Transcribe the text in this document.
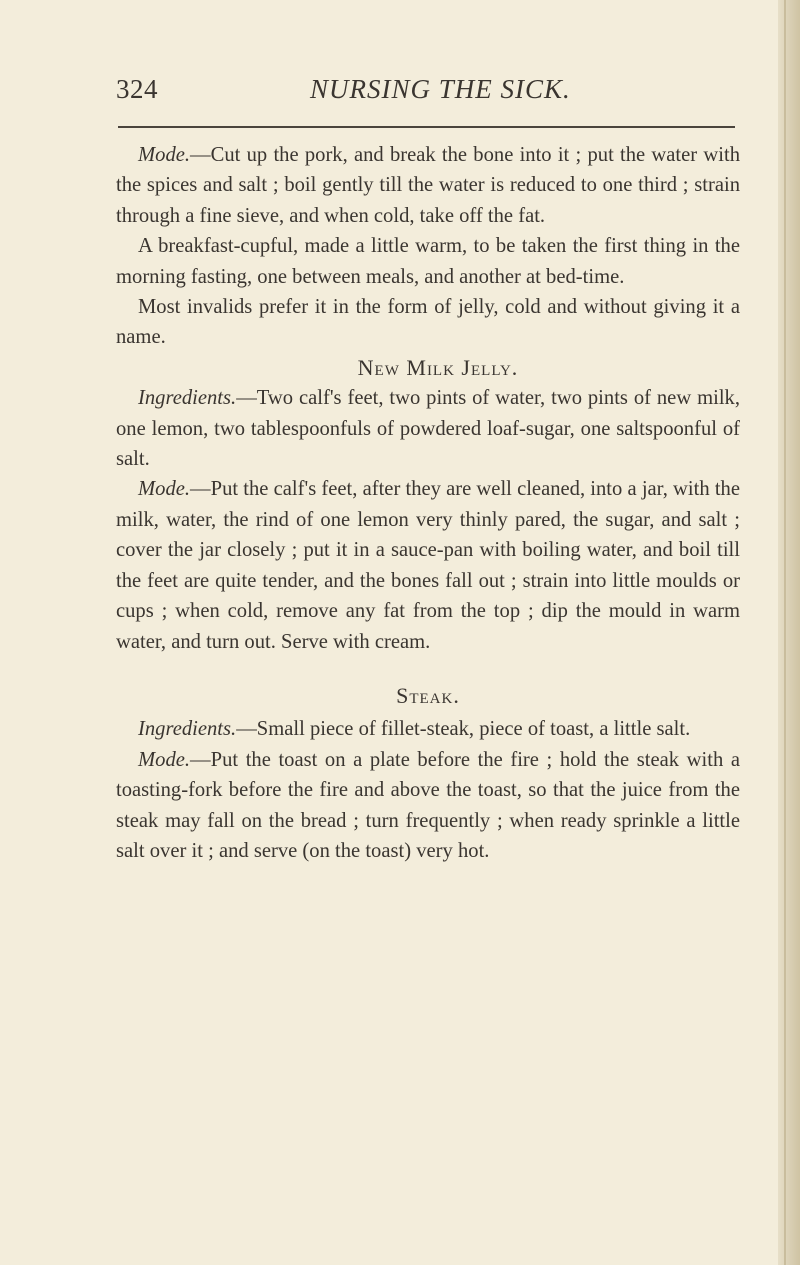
324	NURSING THE SICK.

Mode.—Cut up the pork, and break the bone into it ; put the water with the spices and salt ; boil gently till the water is reduced to one third ; strain through a fine sieve, and when cold, take off the fat.

A breakfast-cupful, made a little warm, to be taken the first thing in the morning fasting, one between meals, and another at bed-time.

Most invalids prefer it in the form of jelly, cold and without giving it a name.

New Milk Jelly.

Ingredients.—Two calf's feet, two pints of water, two pints of new milk, one lemon, two tablespoonfuls of powdered loaf-sugar, one saltspoonful of salt.

Mode.—Put the calf's feet, after they are well cleaned, into a jar, with the milk, water, the rind of one lemon very thinly pared, the sugar, and salt ; cover the jar closely ; put it in a sauce-pan with boiling water, and boil till the feet are quite tender, and the bones fall out ; strain into little moulds or cups ; when cold, remove any fat from the top ; dip the mould in warm water, and turn out. Serve with cream.

Steak.

Ingredients.—Small piece of fillet-steak, piece of toast, a little salt.

Mode.—Put the toast on a plate before the fire ; hold the steak with a toasting-fork before the fire and above the toast, so that the juice from the steak may fall on the bread ; turn frequently ; when ready sprinkle a little salt over it ; and serve (on the toast) very hot.
